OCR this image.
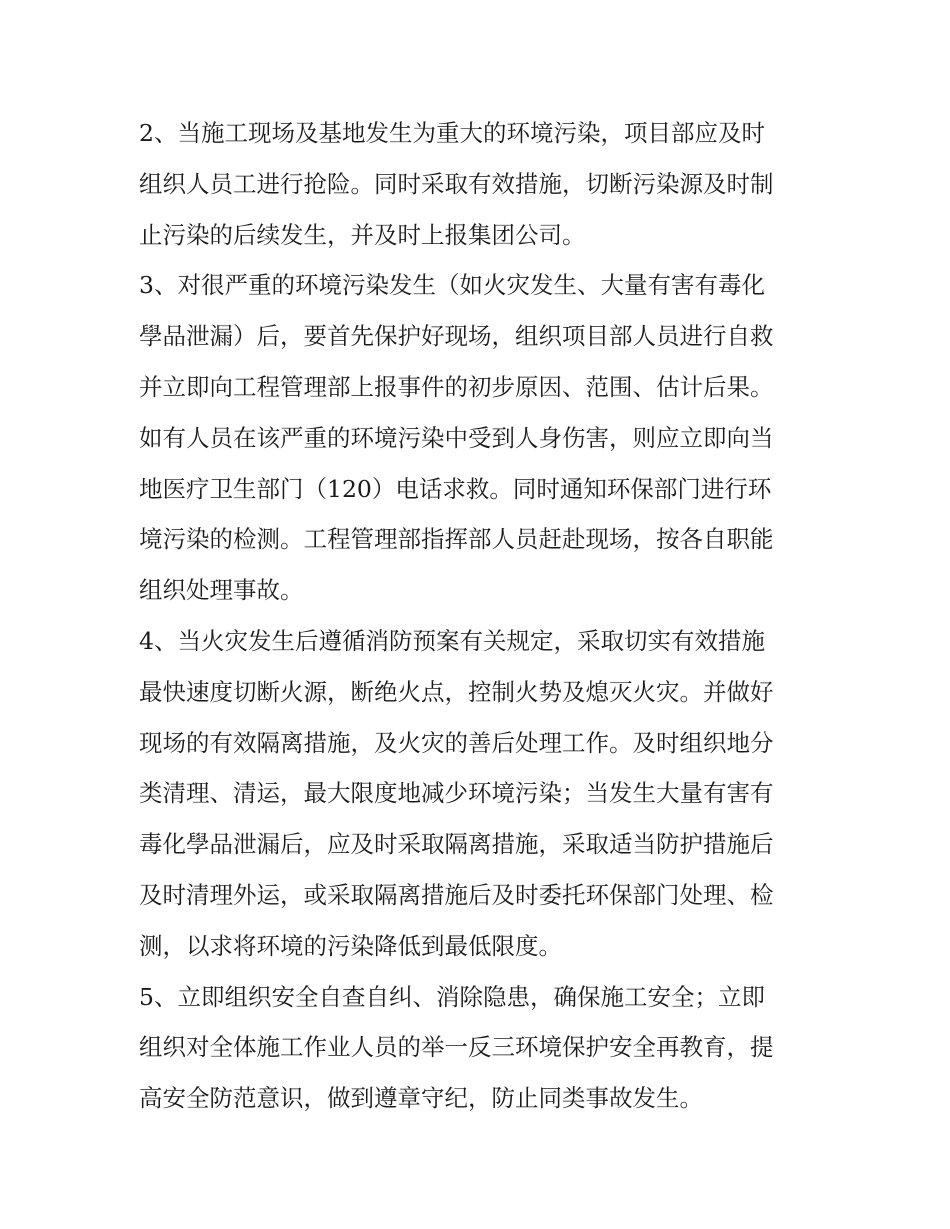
2、当施工现场及基地发生为重大的环境污染，项目部应及时
组织人员工进行抢险。同时采取有效措施，切断污染源及时制
止污染的后续发生，并及时上报集团公司。
3、对很严重的环境污染发生（如火灾发生、大量有害有毒化
學品泄漏）后，要首先保护好现场，组织项目部人员进行自救
并立即向工程管理部上报事件的初步原因、范围、估计后果。
如有人员在该严重的环境污染中受到人身伤害，则应立即向当
地医疗卫生部门（120）电话求救。同时通知环保部门进行环
境污染的检测。工程管理部指挥部人员赶赴现场，按各自职能
组织处理事故。
4、当火灾发生后遵循消防预案有关规定，采取切实有效措施
最快速度切断火源，断绝火点，控制火势及熄灭火灾。并做好
现场的有效隔离措施，及火灾的善后处理工作。及时组织地分
类清理、清运，最大限度地减少环境污染；当发生大量有害有
毒化學品泄漏后，应及时采取隔离措施，采取适当防护措施后
及时清理外运，或采取隔离措施后及时委托环保部门处理、检
测，以求将环境的污染降低到最低限度。
5、立即组织安全自查自纠、消除隐患，确保施工安全；立即
组织对全体施工作业人员的举一反三环境保护安全再教育，提
高安全防范意识，做到遵章守纪，防止同类事故发生。
